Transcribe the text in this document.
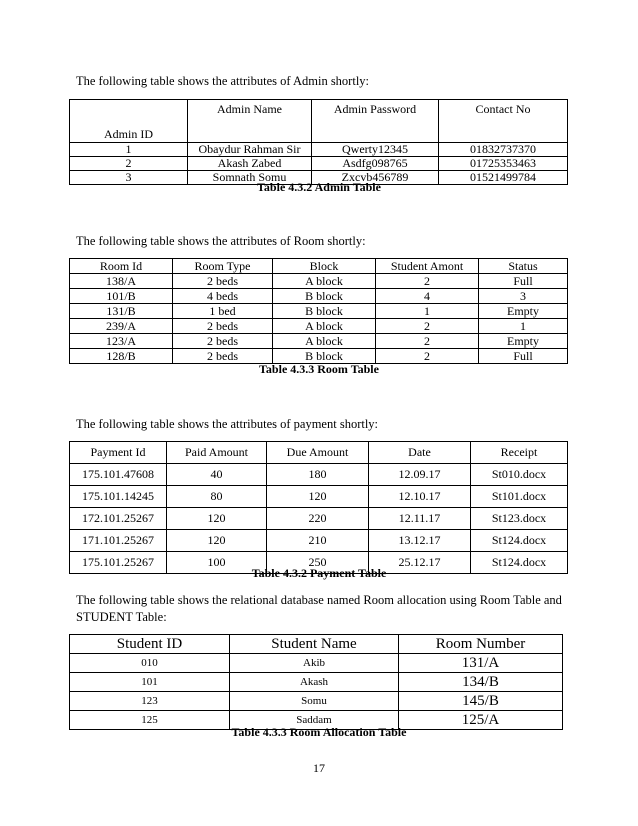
The following table shows the attributes of Admin shortly:

Admin ID	Admin Name	Admin Password	Contact No
1	Obaydur Rahman Sir	Qwerty12345	01832737370
2	Akash Zabed	Asdfg098765	01725353463
3	Somnath Somu	Zxcvb456789	01521499784

Table 4.3.2 Admin Table

The following table shows the attributes of Room shortly:

Room Id	Room Type	Block	Student Amont	Status
138/A	2 beds	A block	2	Full
101/B	4 beds	B block	4	3
131/B	1 bed	B block	1	Empty
239/A	2 beds	A block	2	1
123/A	2 beds	A block	2	Empty
128/B	2 beds	B block	2	Full

Table 4.3.3 Room Table

The following table shows the attributes of payment shortly:

Payment Id	Paid Amount	Due Amount	Date	Receipt
175.101.47608	40	180	12.09.17	St010.docx
175.101.14245	80	120	12.10.17	St101.docx
172.101.25267	120	220	12.11.17	St123.docx
171.101.25267	120	210	13.12.17	St124.docx
175.101.25267	100	250	25.12.17	St124.docx

Table 4.3.2 Payment Table

The following table shows the relational database named Room allocation using Room Table and STUDENT Table:

Student ID	Student Name	Room Number
010	Akib	131/A
101	Akash	134/B
123	Somu	145/B
125	Saddam	125/A

Table 4.3.3 Room Allocation Table

17
